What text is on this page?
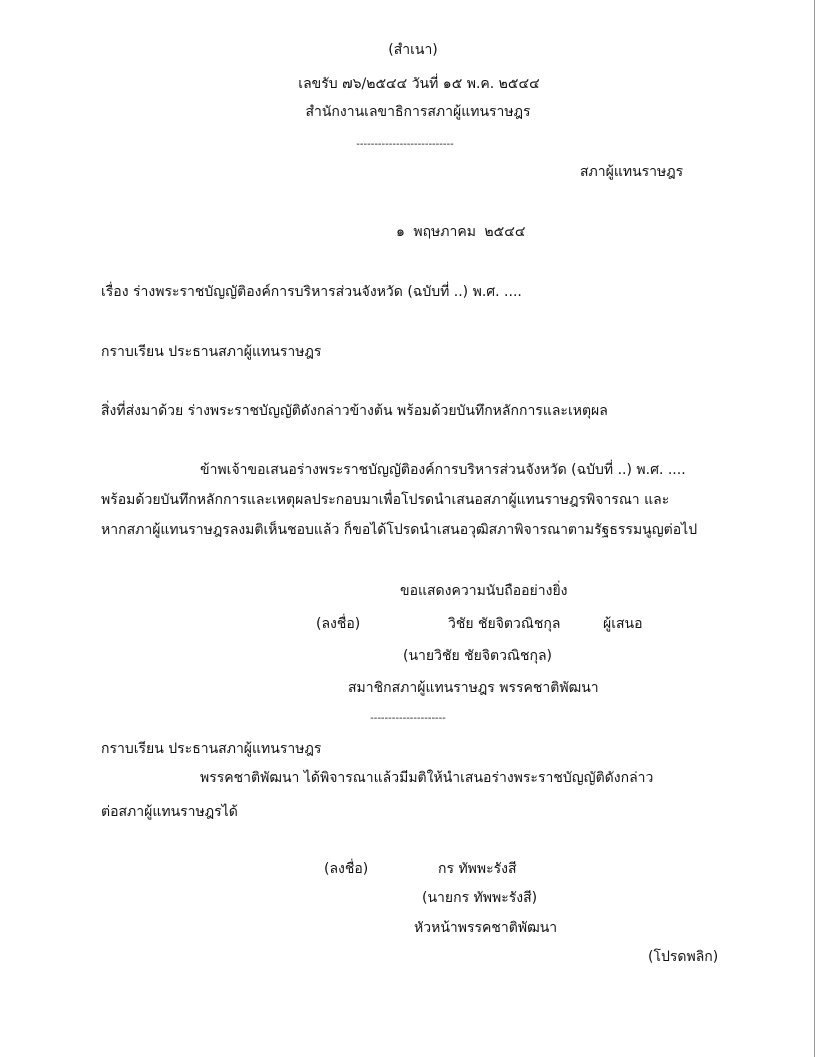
(สำเนา)
เลขรับ ๗๖/๒๕๔๔ วันที่ ๑๕ พ.ค. ๒๕๔๔
สำนักงานเลขาธิการสภาผู้แทนราษฎร
---------------------------
สภาผู้แทนราษฎร
๑ พฤษภาคม ๒๕๔๔
เรื่อง ร่างพระราชบัญญัติองค์การบริหารส่วนจังหวัด (ฉบับที่ ..) พ.ศ. ....
กราบเรียน ประธานสภาผู้แทนราษฎร
สิ่งที่ส่งมาด้วย ร่างพระราชบัญญัติดังกล่าวข้างต้น พร้อมด้วยบันทึกหลักการและเหตุผล
ข้าพเจ้าขอเสนอร่างพระราชบัญญัติองค์การบริหารส่วนจังหวัด (ฉบับที่ ..) พ.ศ. ....
พร้อมด้วยบันทึกหลักการและเหตุผลประกอบมาเพื่อโปรดนำเสนอสภาผู้แทนราษฎรพิจารณา และ
หากสภาผู้แทนราษฎรลงมติเห็นชอบแล้ว ก็ขอได้โปรดนำเสนอวุฒิสภาพิจารณาตามรัฐธรรมนูญต่อไป
ขอแสดงความนับถืออย่างยิ่ง
(ลงชื่อ)	วิชัย ชัยจิตวณิชกุล	ผู้เสนอ
(นายวิชัย ชัยจิตวณิชกุล)
สมาชิกสภาผู้แทนราษฎร พรรคชาติพัฒนา
---------------------
กราบเรียน ประธานสภาผู้แทนราษฎร
พรรคชาติพัฒนา ได้พิจารณาแล้วมีมติให้นำเสนอร่างพระราชบัญญัติดังกล่าว
ต่อสภาผู้แทนราษฎรได้
(ลงชื่อ)	กร ทัพพะรังสี
(นายกร ทัพพะรังสี)
หัวหน้าพรรคชาติพัฒนา
(โปรดพลิก)
